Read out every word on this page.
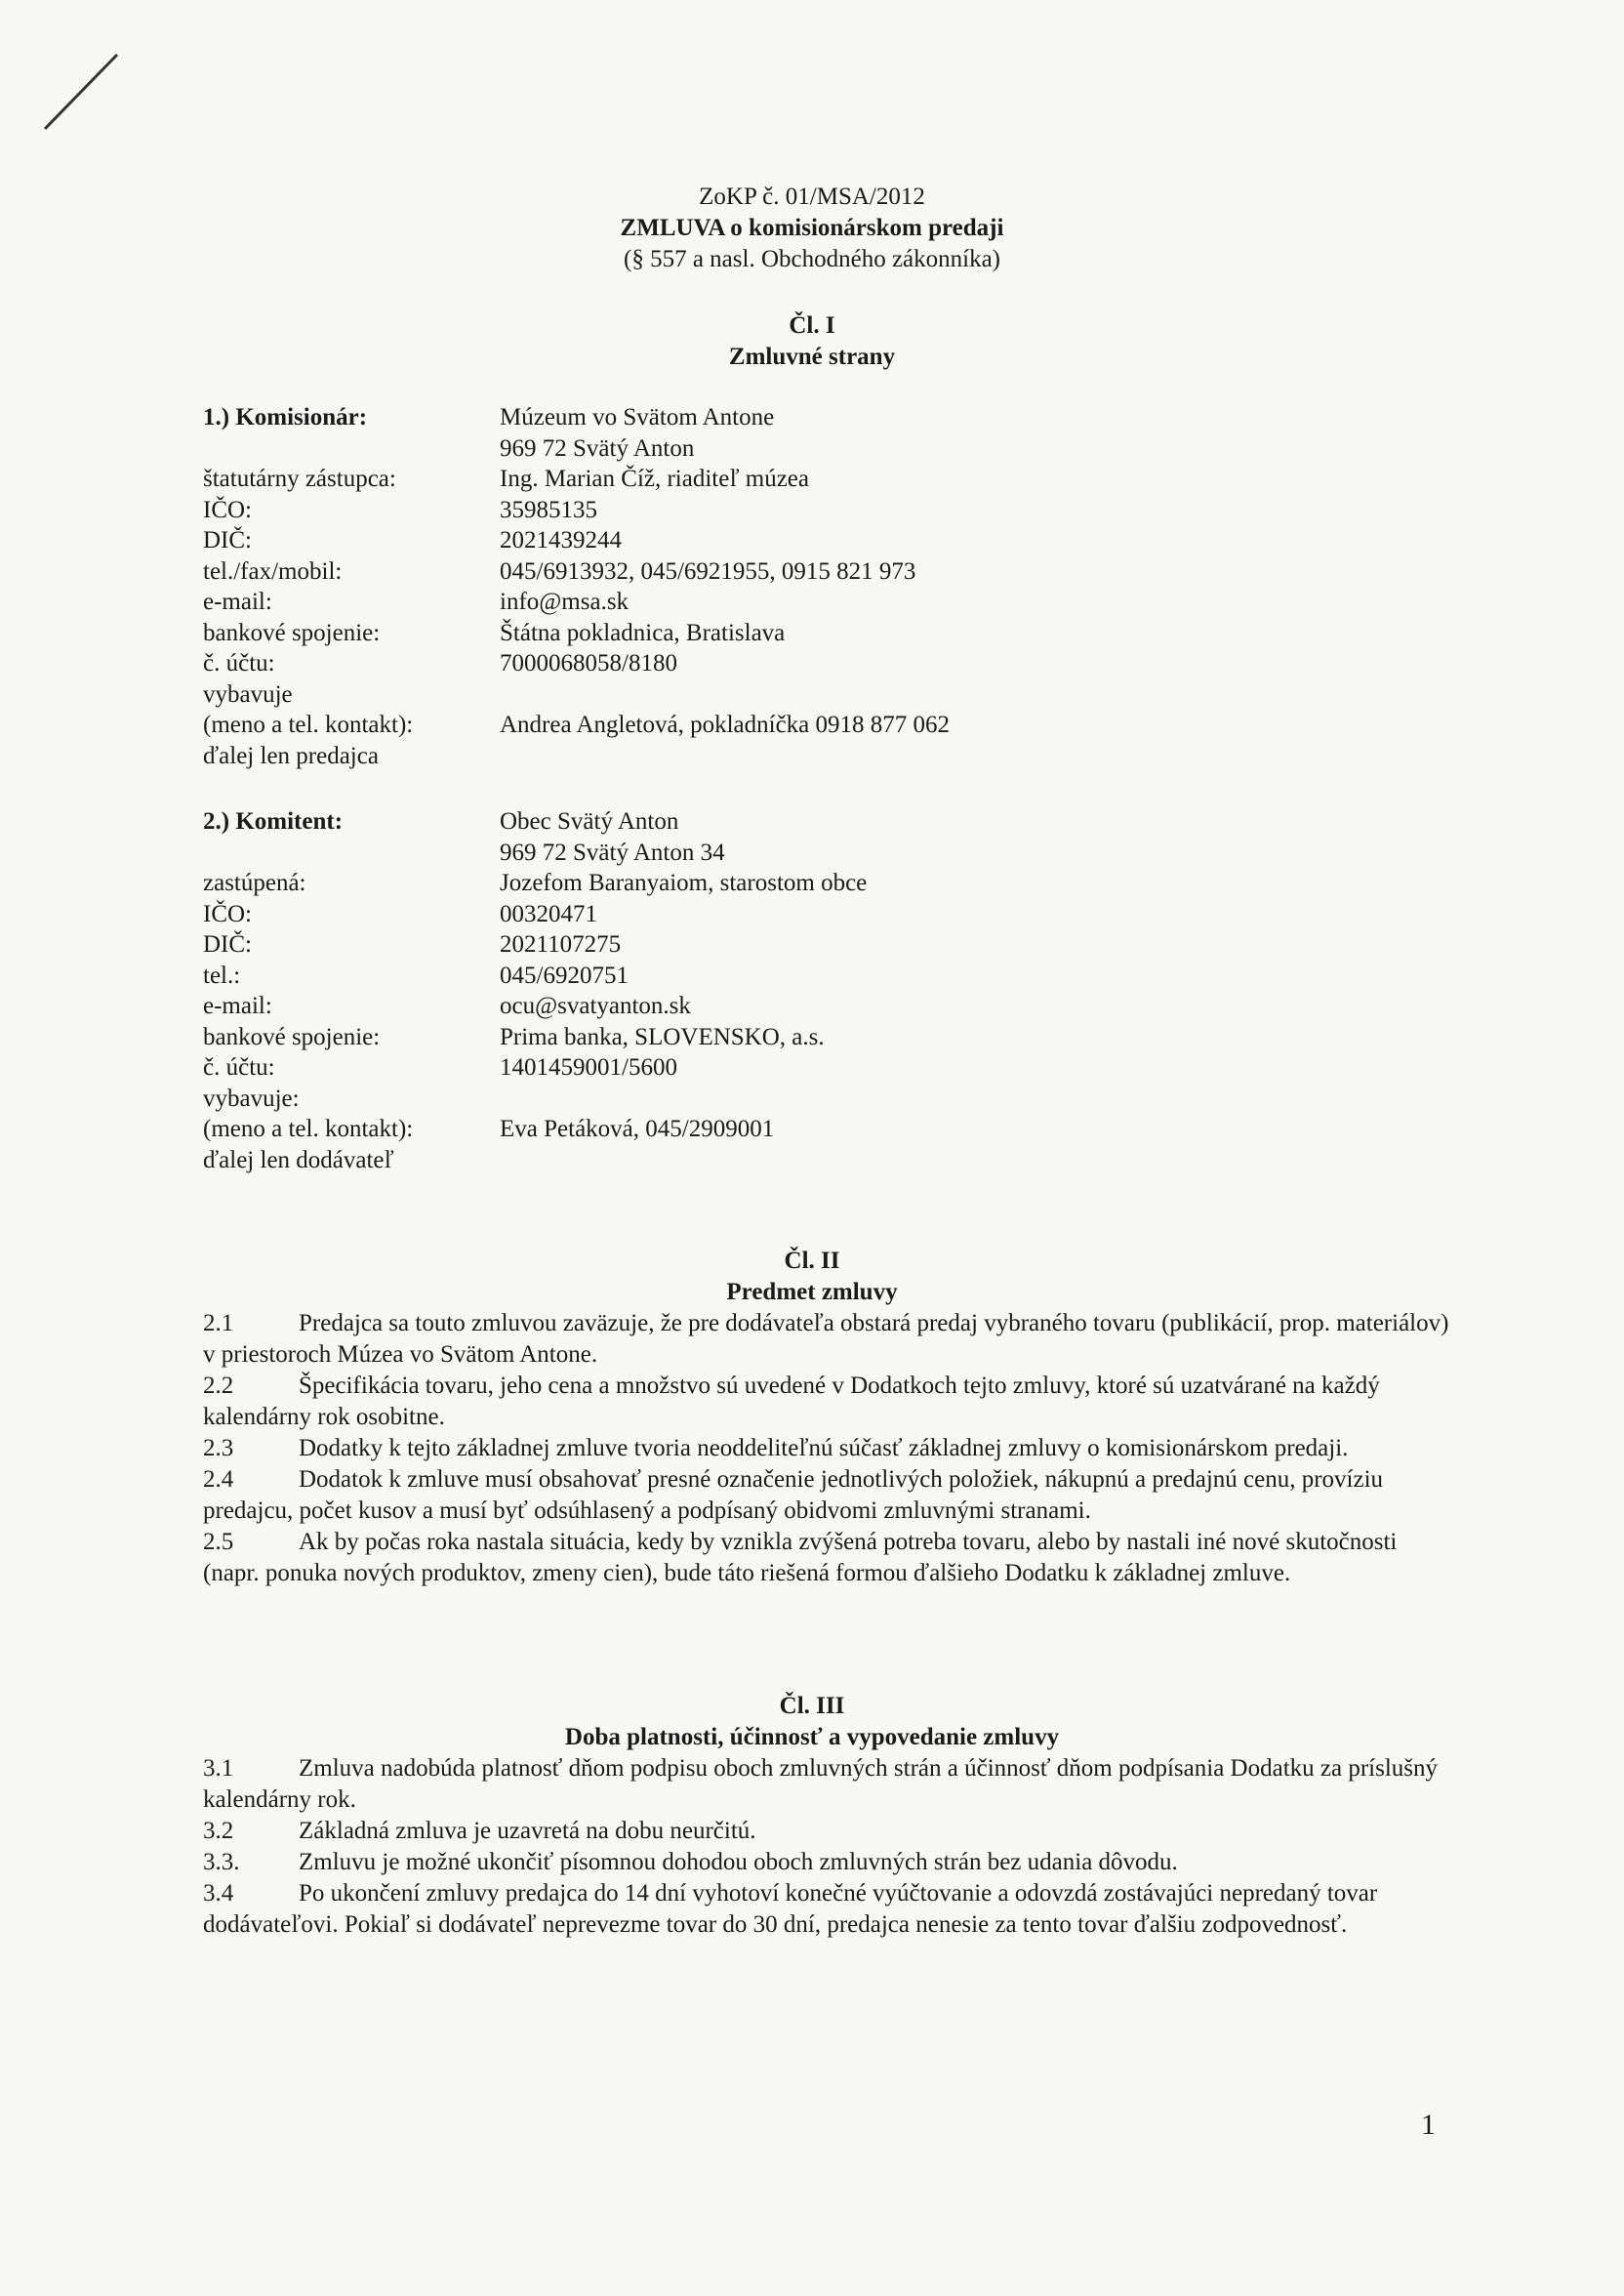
ZoKP č. 01/MSA/2012
ZMLUVA o komisionárskom predaji
(§ 557 a nasl. Obchodného zákonníka)
Čl. I
Zmluvné strany
1.) Komisionár:	Múzeum vo Svätom Antone
969 72 Svätý Anton
štatutárny zástupca:	Ing. Marian Číž, riaditeľ múzea
IČO:	35985135
DIČ:	2021439244
tel./fax/mobil:	045/6913932, 045/6921955, 0915 821 973
e-mail:	info@msa.sk
bankové spojenie:	Štátna pokladnica, Bratislava
č. účtu:	7000068058/8180
vybavuje
(meno a tel. kontakt):	Andrea Angletová, pokladníčka 0918 877 062
ďalej len predajca
2.) Komitent:	Obec Svätý Anton
969 72 Svätý Anton 34
zastúpená:	Jozefom Baranyaiom, starostom obce
IČO:	00320471
DIČ:	2021107275
tel.:	045/6920751
e-mail:	ocu@svatyanton.sk
bankové spojenie:	Prima banka, SLOVENSKO, a.s.
č. účtu:	1401459001/5600
vybavuje:
(meno a tel. kontakt):	Eva Petáková, 045/2909001
ďalej len dodávateľ
Čl. II
Predmet zmluvy

2.1	Predajca sa touto zmluvou zaväzuje, že pre dodávateľa obstará predaj vybraného tovaru (publikácií, prop. materiálov) v priestoroch Múzea vo Svätom Antone.

2.2	Špecifikácia tovaru, jeho cena a množstvo sú uvedené v Dodatkoch tejto zmluvy, ktoré sú uzatvárané na každý kalendárny rok osobitne.

2.3	Dodatky k tejto základnej zmluve tvoria neoddeliteľnú súčasť základnej zmluvy o komisionárskom predaji.

2.4	Dodatok k zmluve musí obsahovať presné označenie jednotlivých položiek, nákupnú a predajnú cenu, províziu predajcu, počet kusov a musí byť odsúhlasený a podpísaný obidvomi zmluvnými stranami.

2.5	Ak by počas roka nastala situácia, kedy by vznikla zvýšená potreba tovaru, alebo by nastali iné nové skutočnosti (napr. ponuka nových produktov, zmeny cien), bude táto riešená formou ďalšieho Dodatku k základnej zmluve.

Čl. III
Doba platnosti, účinnosť a vypovedanie zmluvy

3.1	Zmluva nadobúda platnosť dňom podpisu oboch zmluvných strán a účinnosť dňom podpísania Dodatku za príslušný kalendárny rok.

3.2	Základná zmluva je uzavretá na dobu neurčitú.

3.3. Zmluvu je možné ukončiť písomnou dohodou oboch zmluvných strán bez udania dôvodu.

3.4	Po ukončení zmluvy predajca do 14 dní vyhotoví konečné vyúčtovanie a odovzdá zostávajúci nepredaný tovar dodávateľovi. Pokiaľ si dodávateľ neprevezme tovar do 30 dní, predajca nenesie za tento tovar ďalšiu zodpovednosť.

1
